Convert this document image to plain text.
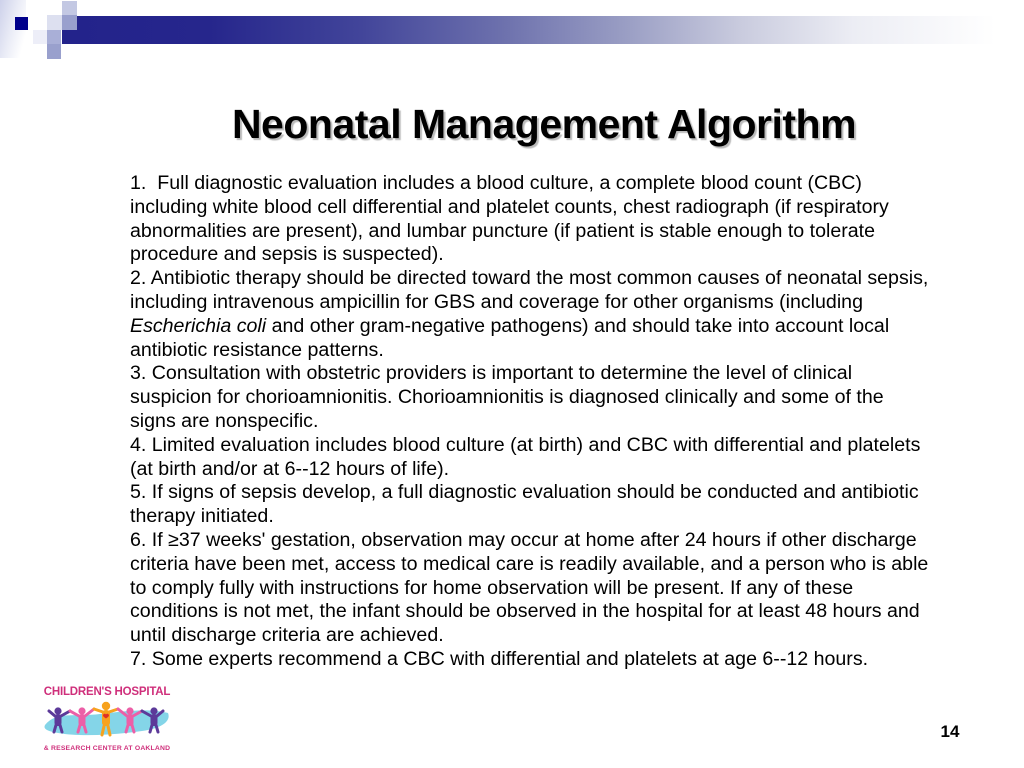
Neonatal Management Algorithm
1.  Full diagnostic evaluation includes a blood culture, a complete blood count (CBC) including white blood cell differential and platelet counts, chest radiograph (if respiratory abnormalities are present), and lumbar puncture (if patient is stable enough to tolerate procedure and sepsis is suspected).
2. Antibiotic therapy should be directed toward the most common causes of neonatal sepsis, including intravenous ampicillin for GBS and coverage for other organisms (including Escherichia coli and other gram-negative pathogens) and should take into account local antibiotic resistance patterns.
3. Consultation with obstetric providers is important to determine the level of clinical suspicion for chorioamnionitis. Chorioamnionitis is diagnosed clinically and some of the signs are nonspecific.
4. Limited evaluation includes blood culture (at birth) and CBC with differential and platelets (at birth and/or at 6--12 hours of life).
5. If signs of sepsis develop, a full diagnostic evaluation should be conducted and antibiotic therapy initiated.
6. If ≥37 weeks' gestation, observation may occur at home after 24 hours if other discharge criteria have been met, access to medical care is readily available, and a person who is able to comply fully with instructions for home observation will be present. If any of these conditions is not met, the infant should be observed in the hospital for at least 48 hours and until discharge criteria are achieved.
7. Some experts recommend a CBC with differential and platelets at age 6--12 hours.
CHILDREN'S HOSPITAL
& RESEARCH CENTER AT OAKLAND
14
